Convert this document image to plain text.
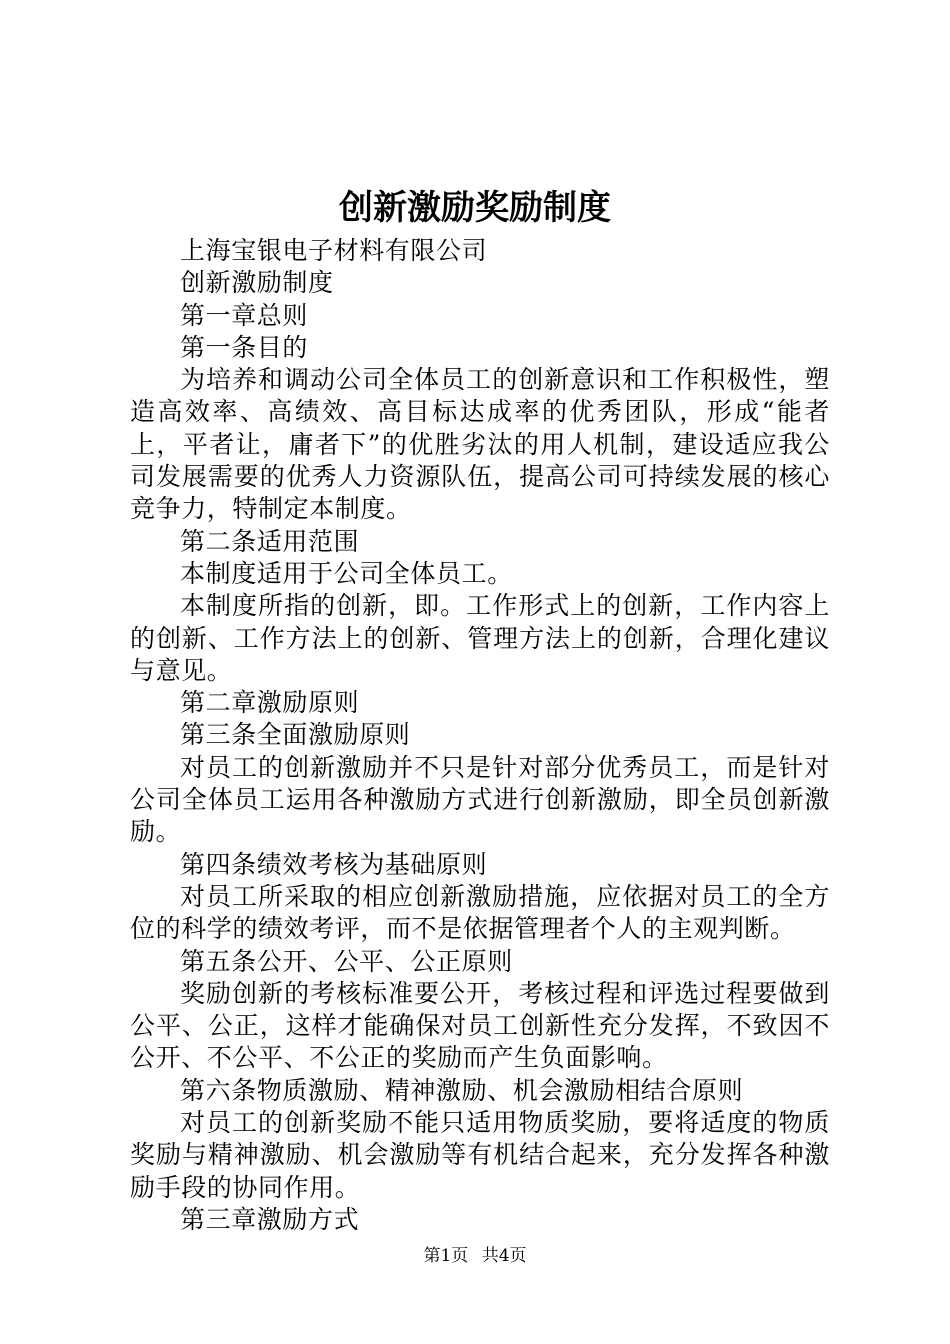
创新激励奖励制度

上海宝银电子材料有限公司

创新激励制度

第一章总则

第一条目的

为培养和调动公司全体员工的创新意识和工作积极性，塑造高效率、高绩效、高目标达成率的优秀团队，形成“能者上，平者让，庸者下”的优胜劣汰的用人机制，建设适应我公司发展需要的优秀人力资源队伍，提高公司可持续发展的核心竞争力，特制定本制度。

第二条适用范围

本制度适用于公司全体员工。

本制度所指的创新，即。工作形式上的创新，工作内容上的创新、工作方法上的创新、管理方法上的创新，合理化建议与意见。

第二章激励原则

第三条全面激励原则

对员工的创新激励并不只是针对部分优秀员工，而是针对公司全体员工运用各种激励方式进行创新激励，即全员创新激励。

第四条绩效考核为基础原则

对员工所采取的相应创新激励措施，应依据对员工的全方位的科学的绩效考评，而不是依据管理者个人的主观判断。

第五条公开、公平、公正原则

奖励创新的考核标准要公开，考核过程和评选过程要做到公平、公正，这样才能确保对员工创新性充分发挥，不致因不公开、不公平、不公正的奖励而产生负面影响。

第六条物质激励、精神激励、机会激励相结合原则

对员工的创新奖励不能只适用物质奖励，要将适度的物质奖励与精神激励、机会激励等有机结合起来，充分发挥各种激励手段的协同作用。

第三章激励方式

第1页 共4页
